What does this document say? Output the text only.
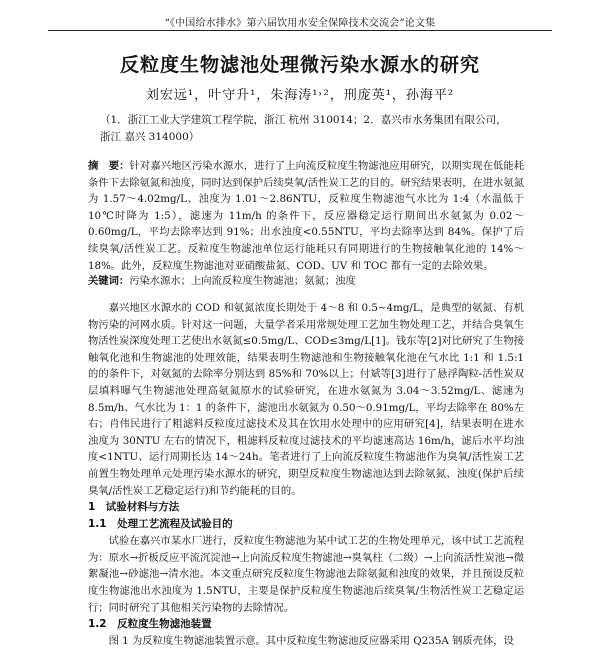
“《中国给水排水》第六届饮用水安全保障技术交流会”论文集
反粒度生物滤池处理微污染水源水的研究
刘宏远¹，叶守升¹，朱海涛¹˒²，刑庞英¹，孙海平²
（1．浙江工业大学建筑工程学院，浙江 杭州 310014；2．嘉兴市水务集团有限公司，浙江 嘉兴 314000）
摘　要：针对嘉兴地区污染水源水，进行了上向流反粒度生物滤池应用研究，以期实现在低能耗条件下去除氨氮和浊度，同时达到保护后续臭氧/活性炭工艺的目的。研究结果表明，在进水氨氮为 1.57～4.02mg/L、浊度为 1.01～2.86NTU，反粒度生物滤池气水比为 1:4（水温低于 10℃时降为 1:5），滤速为 11m/h 的条件下，反应器稳定运行期间出水氨氮为 0.02～0.60mg/L，平均去除率达到 91%；出水浊度<0.55NTU，平均去除率达到 84%。保护了后续臭氧/活性炭工艺。反粒度生物滤池单位运行能耗只有同期进行的生物接触氧化池的 14%～18%。此外，反粒度生物滤池对亚硝酸盐氮、COD、UV 和 TOC 都有一定的去除效果。
关键词：污染水源水；上向流反粒度生物滤池；氨氮；浊度

嘉兴地区水源水的 COD 和氨氮浓度长期处于 4～8 和 0.5~4mg/L，是典型的氨氮、有机物污染的河网水质。针对这一问题，大量学者采用常规处理工艺加生物处理工艺，并结合臭氧生物活性炭深度处理工艺使出水氨氮≤0.5mg/L、COD≤3mg/L[1]。钱东等[2]对比研究了生物接触氧化池和生物滤池的处理效能，结果表明生物滤池和生物接触氧化池在气水比 1:1 和 1.5:1 的的条件下，对氨氮的去除率分别达到 85%和 70%以上；付斌等[3]进行了悬浮陶粒-活性炭双层填料曝气生物滤池处理高氨氮原水的试验研究，在进水氨氮为 3.04～3.52mg/L、滤速为 8.5m/h、气水比为 1：1 的条件下，滤池出水氨氮为 0.50～0.91mg/L，平均去除率在 80%左右；肖伟民进行了粗滤料反粒度过滤技术及其在饮用水处理中的应用研究[4]，结果表明在进水浊度为 30NTU 左右的情况下，粗滤料反粒度过滤技术的平均滤速高达 16m/h，滤后水平均浊度<1NTU、运行周期长达 14～24h。笔者进行了上向流反粒度生物滤池作为臭氧/活性炭工艺前置生物处理单元处理污染水源水的研究，期望反粒度生物滤池达到去除氨氮、浊度(保护后续臭氧/活性炭工艺稳定运行)和节约能耗的目的。

1　试验材料与方法
1.1　处理工艺流程及试验目的

试验在嘉兴市某水厂进行，反粒度生物滤池为某中试工艺的生物处理单元，该中试工艺流程为：原水→折板反应平流沉淀池→上向流反粒度生物滤池→臭氧柱（二级）→上向流活性炭池→微絮凝池→砂滤池→清水池。本文重点研究反粒度生物滤池去除氨氮和浊度的效果，并且预设反粒度生物滤池出水浊度为 1.5NTU，主要是保护反粒度生物滤池后续臭氧/生物活性炭工艺稳定运行；同时研究了其他相关污染物的去除情况。

1.2　反粒度生物滤池装置

图 1 为反粒度生物滤池装置示意。其中反粒度生物滤池反应器采用 Q235A 钢质壳体，设
